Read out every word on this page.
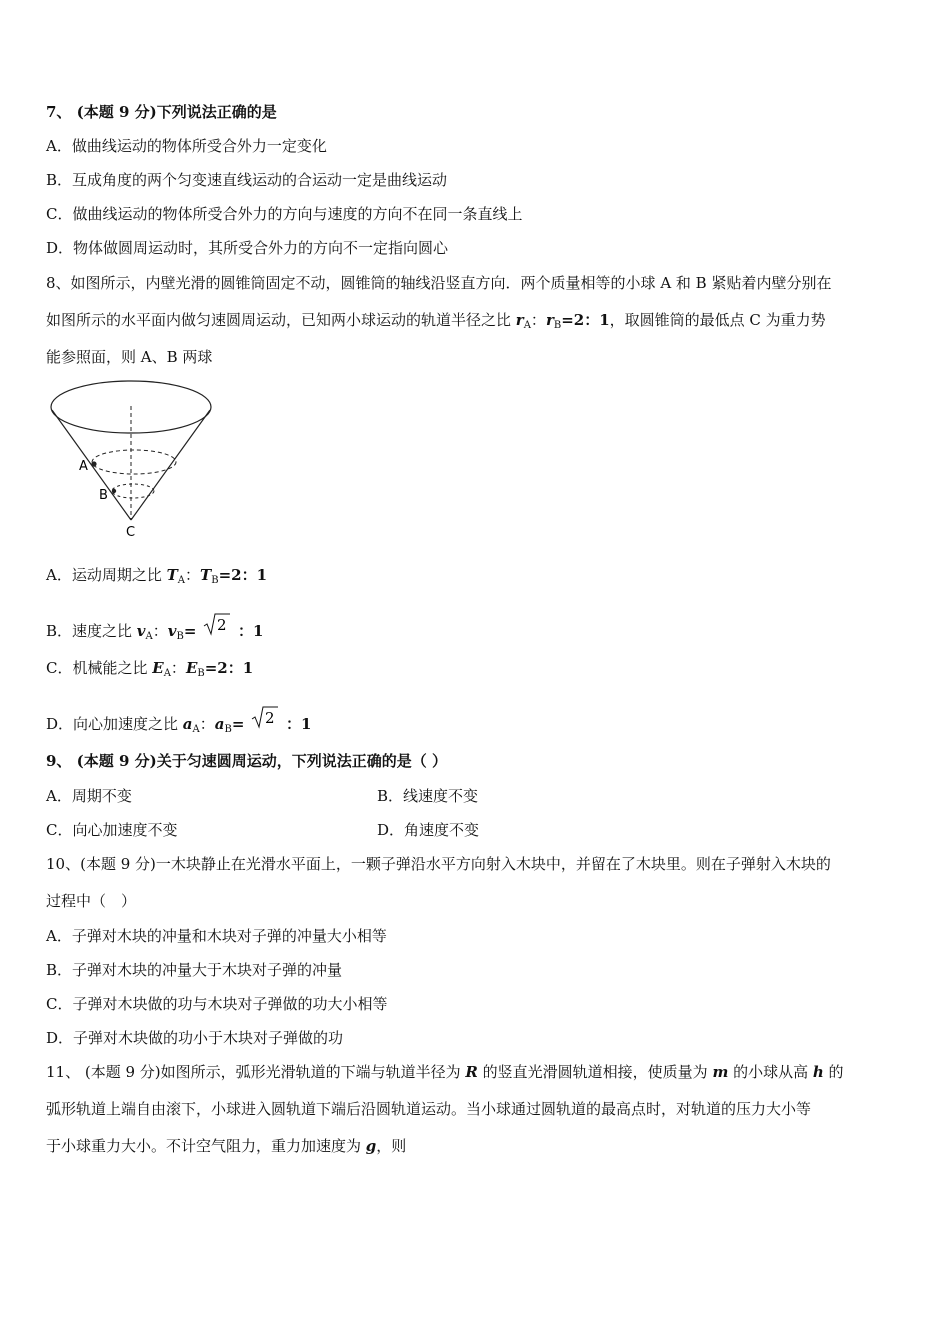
7、 (本题 9 分)下列说法正确的是
A．做曲线运动的物体所受合外力一定变化
B．互成角度的两个匀变速直线运动的合运动一定是曲线运动
C．做曲线运动的物体所受合外力的方向与速度的方向不在同一条直线上
D．物体做圆周运动时，其所受合外力的方向不一定指向圆心
8、如图所示，内壁光滑的圆锥筒固定不动，圆锥筒的轴线沿竖直方向．两个质量相等的小球 A 和 B 紧贴着内壁分别在
如图所示的水平面内做匀速圆周运动，已知两小球运动的轨道半径之比 $r_A$：$r_B=2$：1，取圆锥筒的最低点 C 为重力势
能参照面，则 A、B 两球
A
B
C
A．运动周期之比 $T_A$：$T_B=2$：1
B．速度之比 $v_A$：$v_B= 2$ ：1
C．机械能之比 $E_A$：$E_B=2$：1
D．向心加速度之比 $a_A$：$a_B= 2$ ：1
9、 (本题 9 分)关于匀速圆周运动，下列说法正确的是（ ）
A．周期不变	B．线速度不变
C．向心加速度不变	D．角速度不变
10、(本题 9 分)一木块静止在光滑水平面上，一颗子弹沿水平方向射入木块中，并留在了木块里。则在子弹射入木块的
过程中（　）
A．子弹对木块的冲量和木块对子弹的冲量大小相等
B．子弹对木块的冲量大于木块对子弹的冲量
C．子弹对木块做的功与木块对子弹做的功大小相等
D．子弹对木块做的功小于木块对子弹做的功
11、 (本题 9 分)如图所示，弧形光滑轨道的下端与轨道半径为 R 的竖直光滑圆轨道相接，使质量为 m 的小球从高 h 的
弧形轨道上端自由滚下，小球进入圆轨道下端后沿圆轨道运动。当小球通过圆轨道的最高点时，对轨道的压力大小等
于小球重力大小。不计空气阻力，重力加速度为 g，则
